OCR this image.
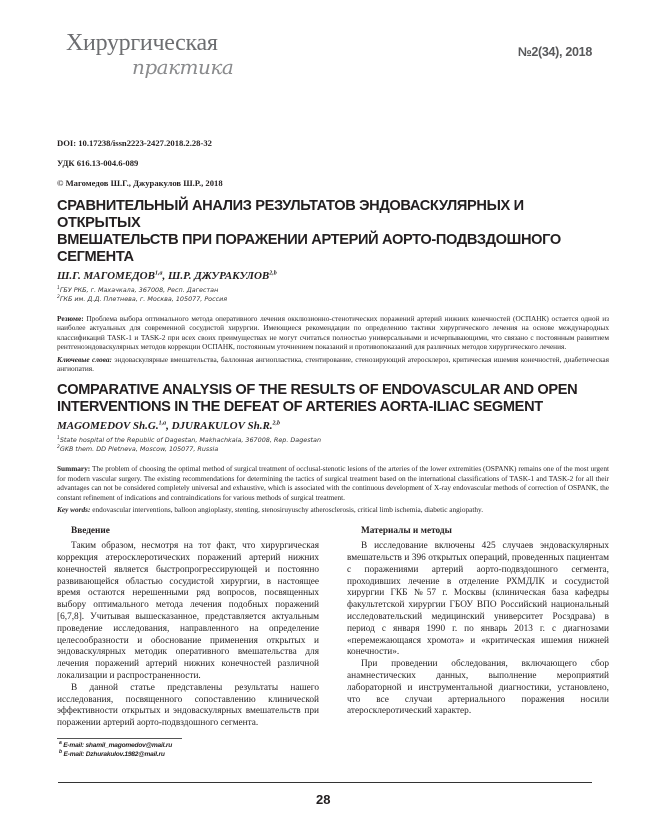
Хирургическая
практика
№2(34), 2018
DOI: 10.17238/issn2223-2427.2018.2.28-32
УДК 616.13-004.6-089
© Магомедов Ш.Г., Джуракулов Ш.Р., 2018
СРАВНИТЕЛЬНЫЙ АНАЛИЗ РЕЗУЛЬТАТОВ ЭНДОВАСКУЛЯРНЫХ И ОТКРЫТЫХ
ВМЕШАТЕЛЬСТВ ПРИ ПОРАЖЕНИИ АРТЕРИЙ АОРТО-ПОДВЗДОШНОГО СЕГМЕНТА
Ш.Г. МАГОМЕДОВ$^{1,a}$, Ш.Р. ДЖУРАКУЛОВ$^{2,b}$
$^1$ГБУ РКБ, г. Махачкала, 367008, Респ. Дагестан
$^2$ГКБ им. Д.Д. Плетнева, г. Москва, 105077, Россия
Резюме: Проблема выбора оптимального метода оперативного лечения окклюзионно-стенотических поражений артерий нижних конечностей (ОСПАНК) остается одной из наиболее актуальных для современной сосудистой хирургии. Имеющиеся рекомендации по определению тактики хирургического лечения на основе международных классификаций TASK-1 и TASK-2 при всех своих преимуществах не могут считаться полностью универсальными и исчерпывающими, что связано с постоянным развитием рентгеноэндоваскулярных методов коррекции ОСПАНК, постоянным уточнением показаний и противопоказаний для различных методов хирургического лечения.
Ключевые слова: эндоваскулярные вмешательства, баллонная ангиопластика, стентирование, стенозирующий атеросклероз, критическая ишемия конечностей, диабетическая ангиопатия.
COMPARATIVE ANALYSIS OF THE RESULTS OF ENDOVASCULAR AND OPEN
INTERVENTIONS IN THE DEFEAT OF ARTERIES AORTA-ILIAC SEGMENT
MAGOMEDOV Sh.G.$^{1,a}$, DJURAKULOV Sh.R.$^{2,b}$
$^1$State hospital of the Republic of Dagestan, Makhachkala, 367008, Rep. Dagestan
$^2$GKB them. DD Pletneva, Moscow, 105077, Russia
Summary: The problem of choosing the optimal method of surgical treatment of occlusal-stenotic lesions of the arteries of the lower extremities (OSPANK) remains one of the most urgent for modern vascular surgery. The existing recommendations for determining the tactics of surgical treatment based on the international classifications of TASK-1 and TASK-2 for all their advantages can not be considered completely universal and exhaustive, which is associated with the continuous development of X-ray endovascular methods of correction of OSPANK, the constant refinement of indications and contraindications for various methods of surgical treatment.
Key words: endovascular interventions, balloon angioplasty, stenting, stenosiruyuschy atherosclerosis, critical limb ischemia, diabetic angiopathy.
Введение

Таким образом, несмотря на тот факт, что хирургическая коррекция атеросклеротических поражений артерий нижних конечностей является быстропрогрессирующей и постоянно развивающейся областью сосудистой хирургии, в настоящее время остаются нерешенными ряд вопросов, посвященных выбору оптимального метода лечения подобных поражений [6,7,8]. Учитывая вышесказанное, представляется актуальным проведение исследования, направленного на определение целесообразности и обоснование применения открытых и эндоваскулярных методик оперативного вмешательства для лечения поражений артерий нижних конечностей различной локализации и распространенности.

В данной статье представлены результаты нашего исследования, посвященного сопоставлению клинической эффективности открытых и эндоваскулярных вмешательств при поражении артерий аорто-подвздошного сегмента.

$^a$ E-mail: shamil_magomedov@mail.ru
$^b$ E-mail: Dzhurakulov.1982@mail.ru
Материалы и методы

В исследование включены 425 случаев эндоваскулярных вмешательств и 396 открытых операций, проведенных пациентам с поражениями артерий аорто-подвздошного сегмента, проходивших лечение в отделение РХМДЛК и сосудистой хирургии ГКБ №57 г. Москвы (клиническая база кафедры факультетской хирургии ГБОУ ВПО Российский национальный исследовательский медицинский университет Росздрава) в период с января 1990 г. по январь 2013 г. с диагнозами «перемежающаяся хромота» и «критическая ишемия нижней конечности».

При проведении обследования, включающего сбор анамнестических данных, выполнение мероприятий лабораторной и инструментальной диагностики, установлено, что все случаи артериального поражения носили атеросклеротический характер.

28
